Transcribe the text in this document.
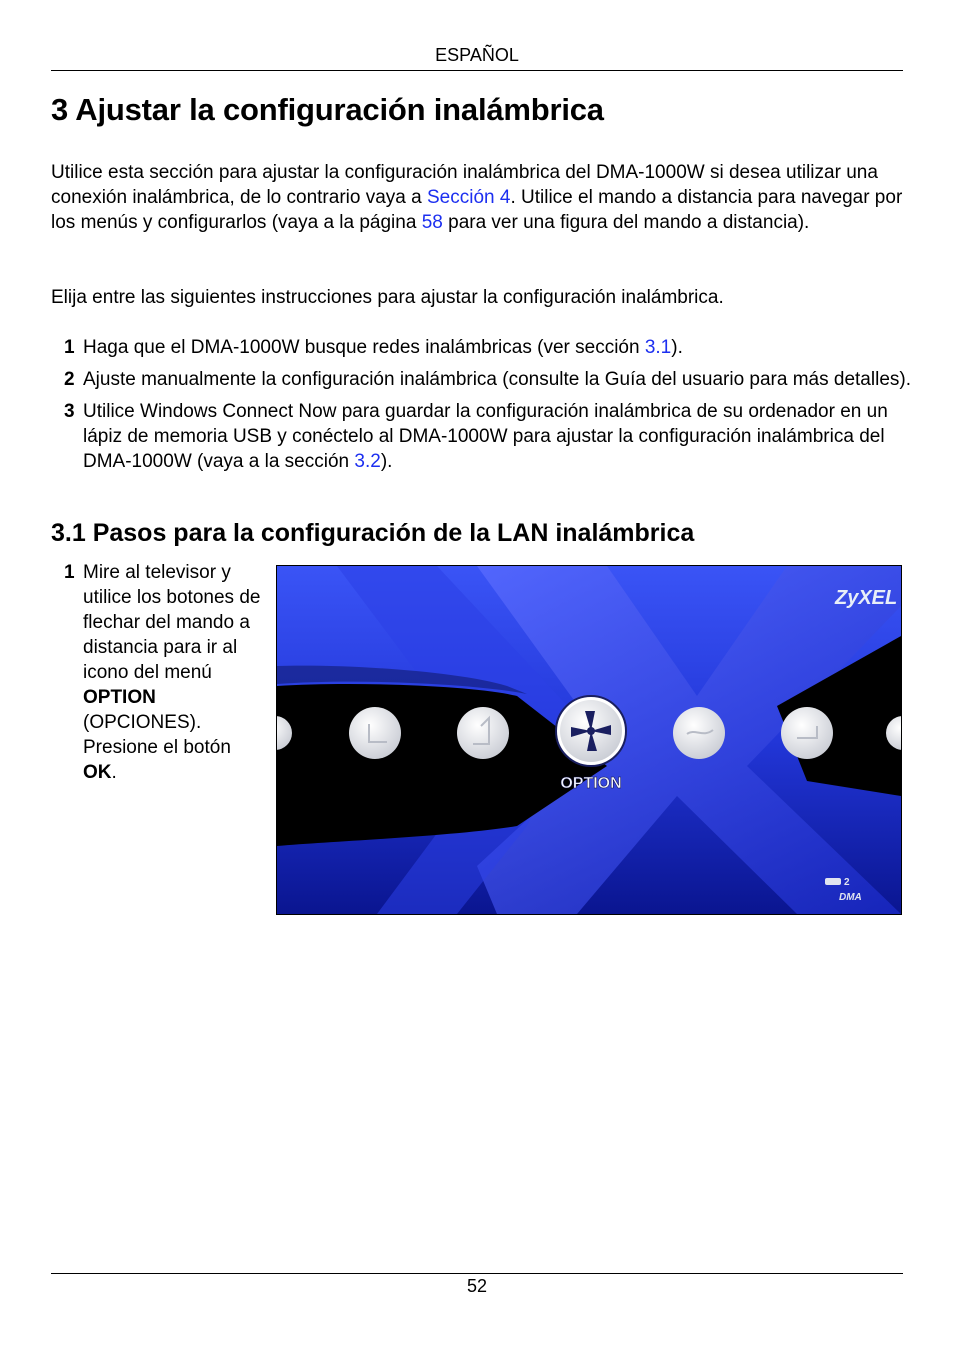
ESPAÑOL
3 Ajustar la configuración inalámbrica

Utilice esta sección para ajustar la configuración inalámbrica del DMA-1000W si desea utilizar una conexión inalámbrica, de lo contrario vaya a Sección 4. Utilice el mando a distancia para navegar por los menús y configurarlos (vaya a la página 58 para ver una figura del mando a distancia).

Elija entre las siguientes instrucciones para ajustar la configuración inalámbrica.

1 Haga que el DMA-1000W busque redes inalámbricas (ver sección 3.1).
2 Ajuste manualmente la configuración inalámbrica (consulte la Guía del usuario para más detalles).
3 Utilice Windows Connect Now para guardar la configuración inalámbrica de su ordenador en un lápiz de memoria USB y conéctelo al DMA-1000W para ajustar la configuración inalámbrica del DMA-1000W (vaya a la sección 3.2).
3.1 Pasos para la configuración de la LAN inalámbrica
1 Mire al televisor y utilice los botones de flechar del mando a distancia para ir al icono del menú OPTION (OPCIONES). Presione el botón OK.
ZyXEL
OPTION
2
DMA
52
